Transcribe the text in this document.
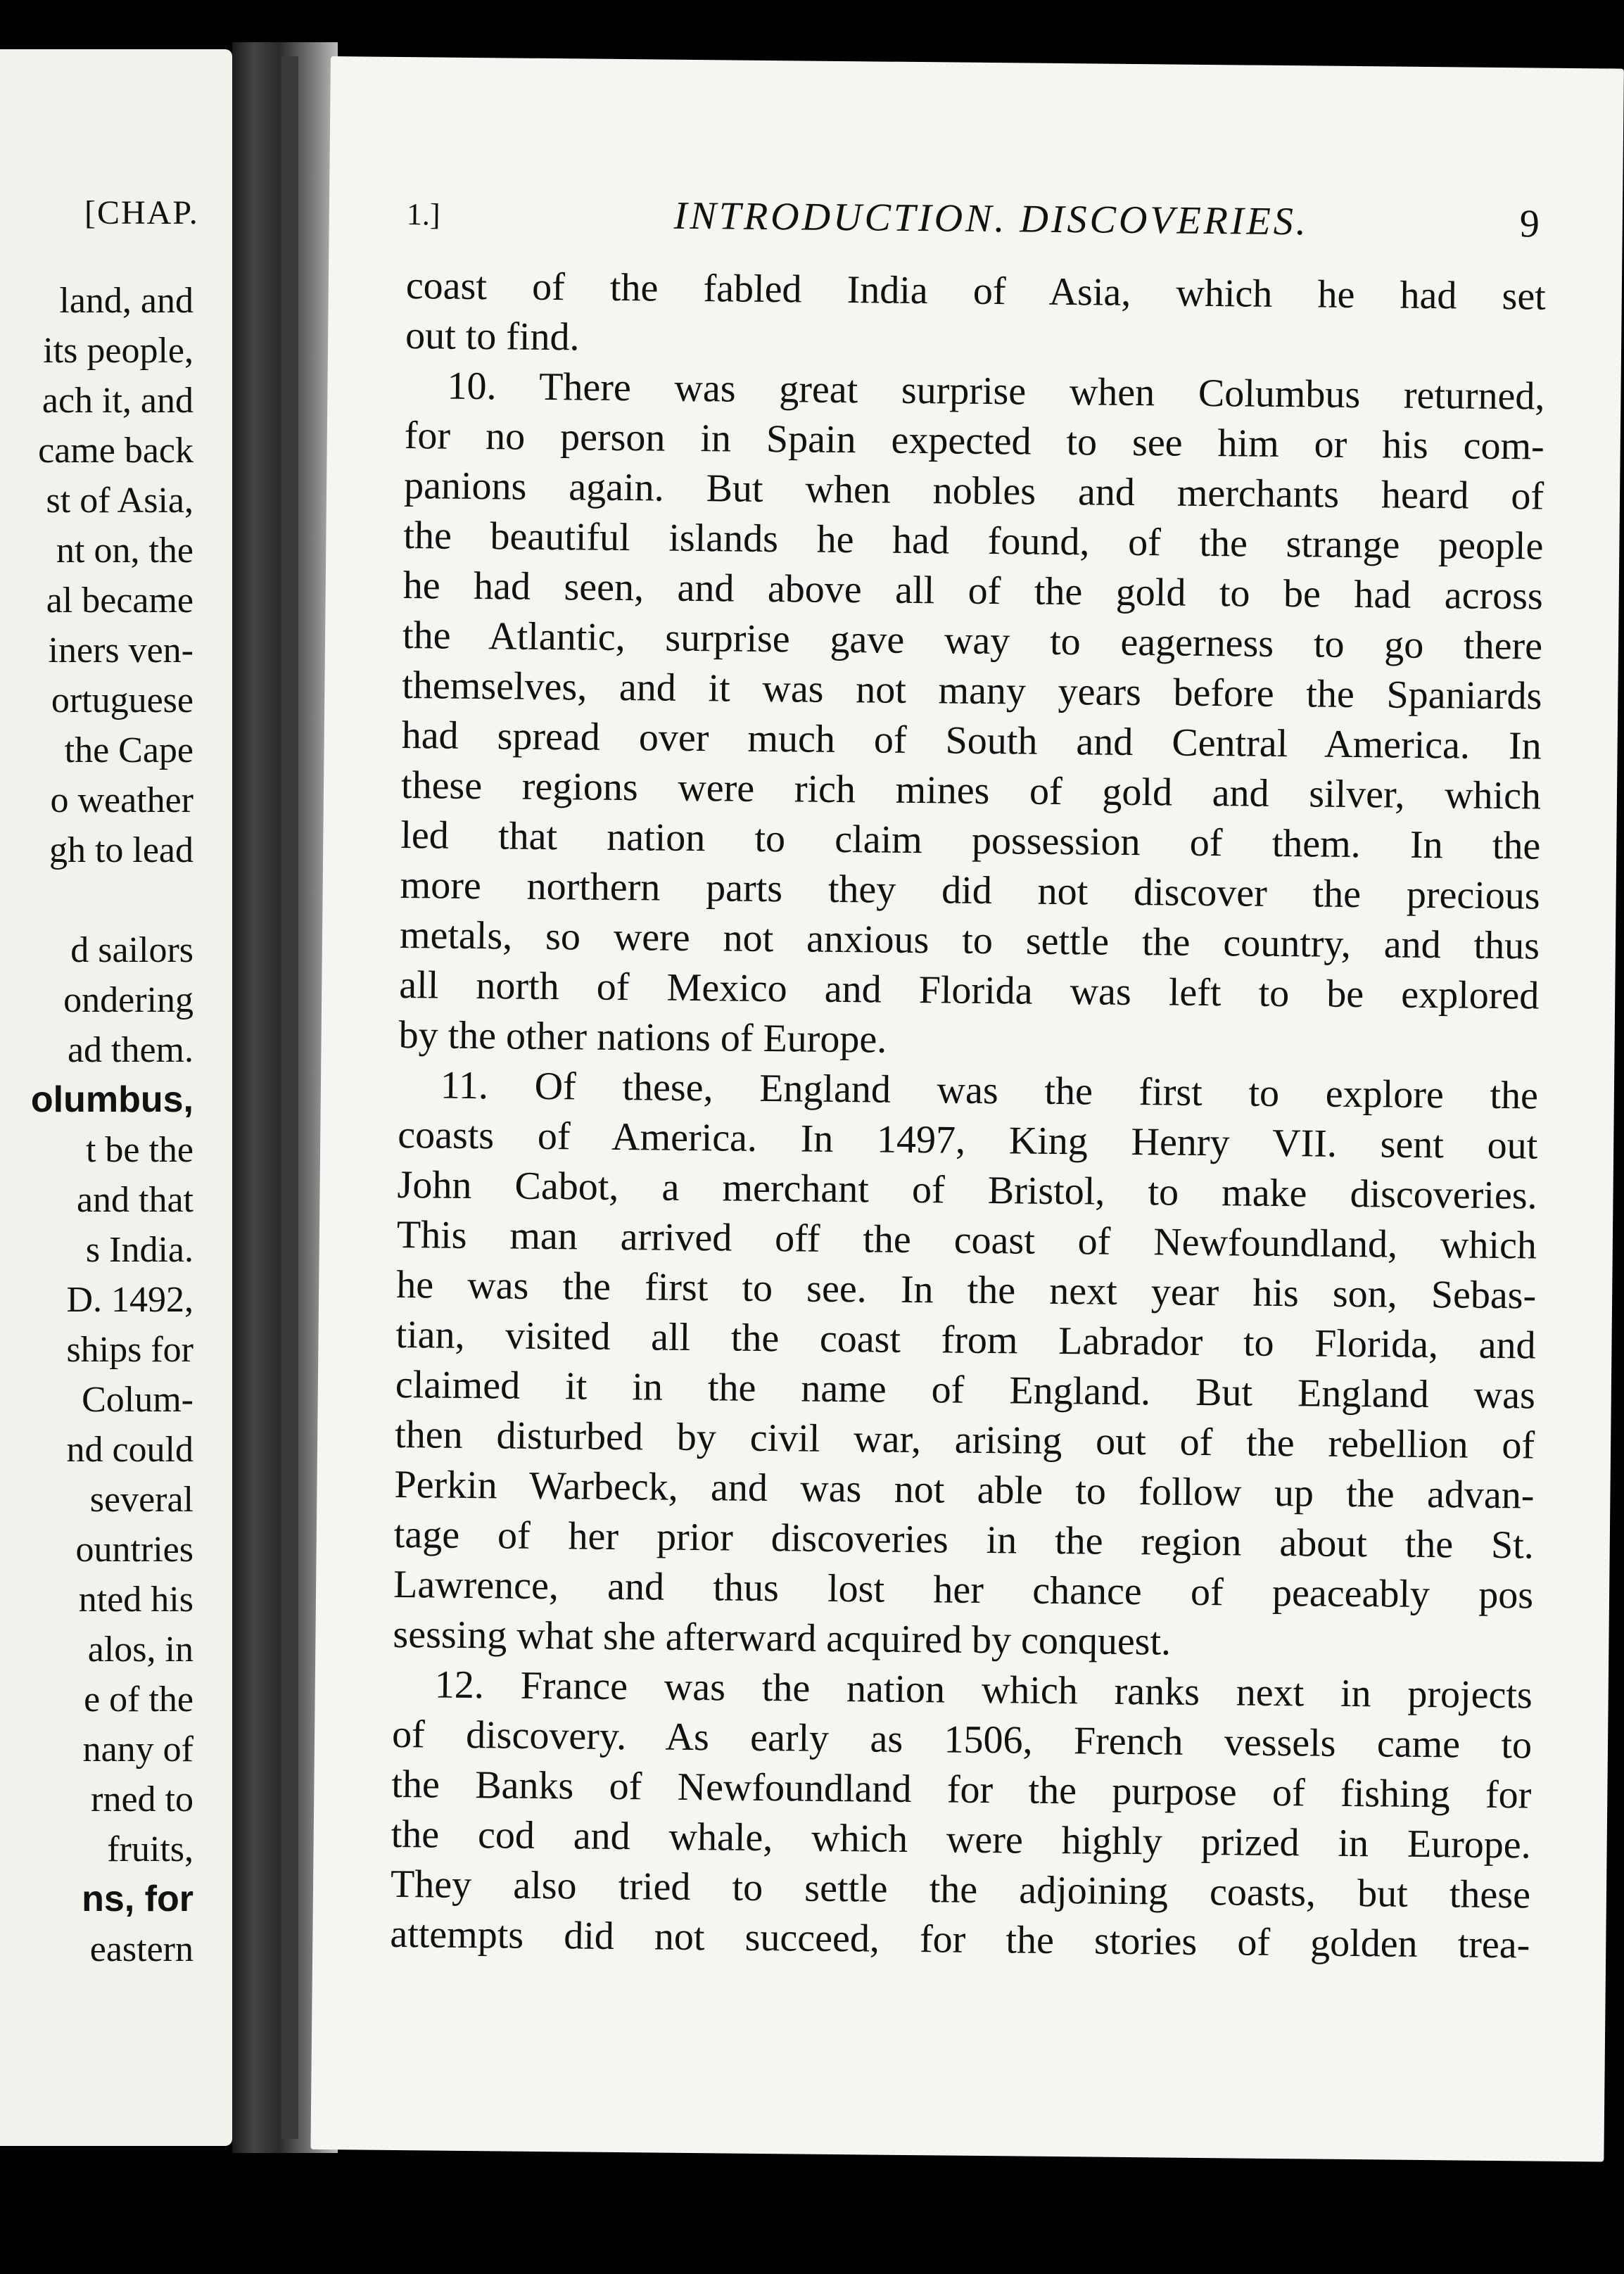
[CHAP.
land, and
its people,
ach it, and
came back
st of Asia,
nt on, the
al became
iners ven-
ortuguese
the Cape
o weather
gh to lead
d sailors
ondering
ad them.
olumbus,
t be the
and that
s India.
D. 1492,
ships for
Colum-
nd could
several
ountries
nted his
alos, in
e of the
nany of
rned to
fruits,
ns, for
eastern
1.]	INTRODUCTION. DISCOVERIES.	9
coast of the fabled India of Asia, which he had set
out to find.
10. There was great surprise when Columbus returned,
for no person in Spain expected to see him or his com-
panions again. But when nobles and merchants heard of
the beautiful islands he had found, of the strange people
he had seen, and above all of the gold to be had across
the Atlantic, surprise gave way to eagerness to go there
themselves, and it was not many years before the Spaniards
had spread over much of South and Central America. In
these regions were rich mines of gold and silver, which
led that nation to claim possession of them. In the
more northern parts they did not discover the precious
metals, so were not anxious to settle the country, and thus
all north of Mexico and Florida was left to be explored
by the other nations of Europe.
11. Of these, England was the first to explore the
coasts of America. In 1497, King Henry VII. sent out
John Cabot, a merchant of Bristol, to make discoveries.
This man arrived off the coast of Newfoundland, which
he was the first to see. In the next year his son, Sebas-
tian, visited all the coast from Labrador to Florida, and
claimed it in the name of England. But England was
then disturbed by civil war, arising out of the rebellion of
Perkin Warbeck, and was not able to follow up the advan-
tage of her prior discoveries in the region about the St.
Lawrence, and thus lost her chance of peaceably pos
sessing what she afterward acquired by conquest.
12. France was the nation which ranks next in projects
of discovery. As early as 1506, French vessels came to
the Banks of Newfoundland for the purpose of fishing for
the cod and whale, which were highly prized in Europe.
They also tried to settle the adjoining coasts, but these
attempts did not succeed, for the stories of golden trea-
